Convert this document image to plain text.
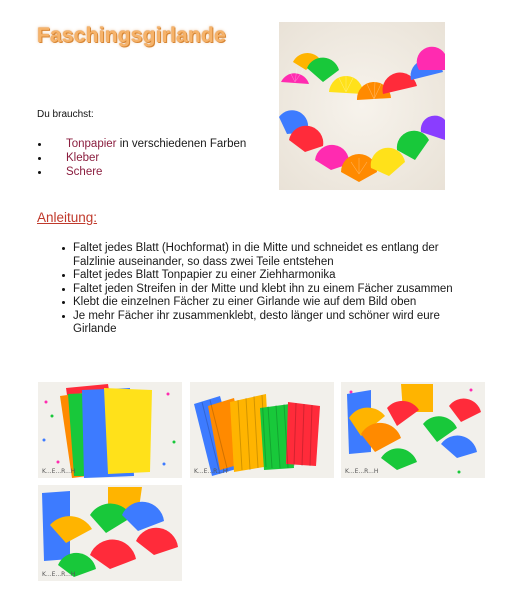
Faschingsgirlande
Du brauchst:
Tonpapier in verschiedenen Farben
Kleber
Schere
Anleitung:
Faltet jedes Blatt (Hochformat) in die Mitte und schneidet es entlang der Falzlinie auseinander, so dass zwei Teile entstehen
Faltet jedes Blatt Tonpapier zu einer Ziehharmonika
Faltet jeden Streifen in der Mitte und klebt ihn zu einem Fächer zusammen
Klebt die einzelnen Fächer zu einer Girlande wie auf dem Bild oben
Je mehr Fächer ihr zusammenklebt, desto länger und schöner wird eure Girlande
K...E...R...H	K...E...R...H	K...E...R...H
K...E...R...H
